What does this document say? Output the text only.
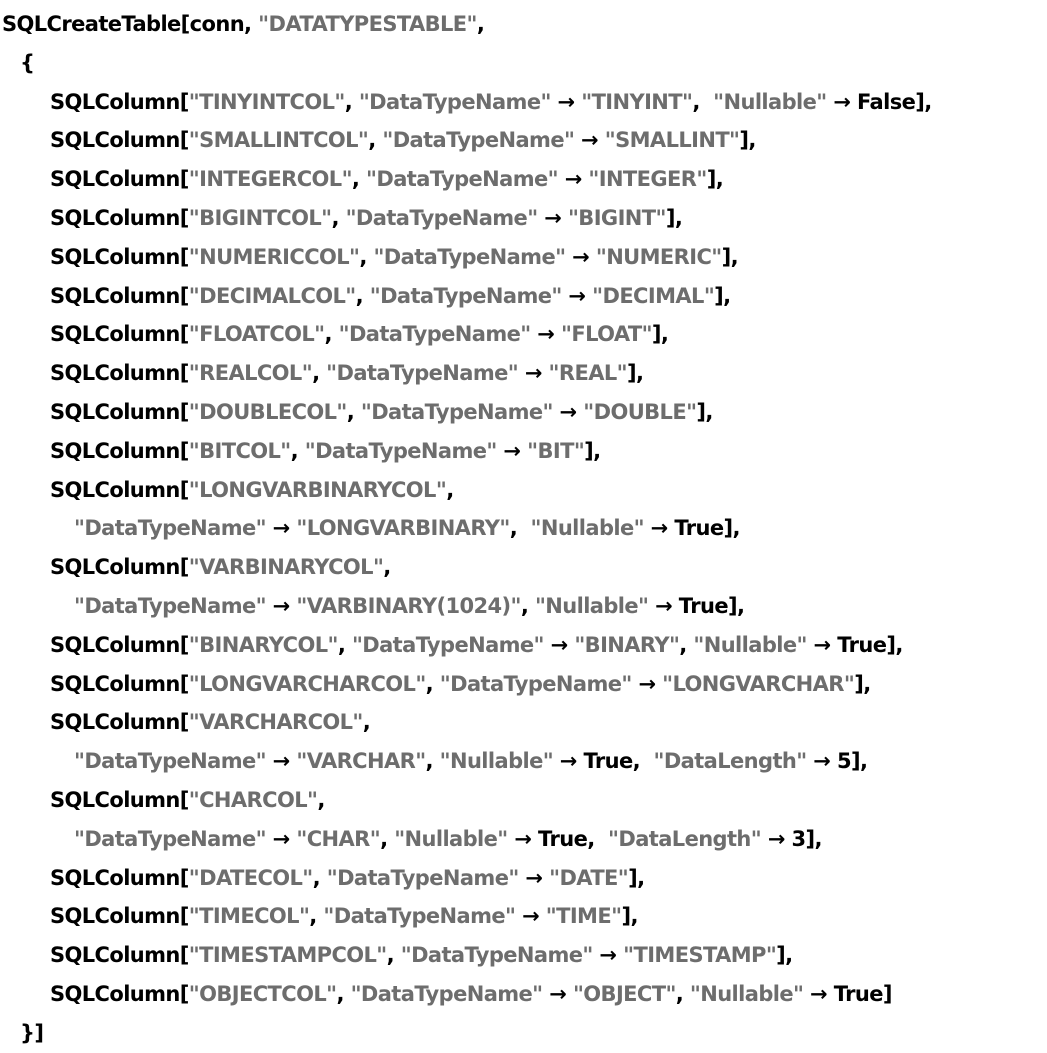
SQLCreateTable[conn, "DATATYPESTABLE",
{
SQLColumn["TINYINTCOL", "DataTypeName" → "TINYINT",  "Nullable" → False],
SQLColumn["SMALLINTCOL", "DataTypeName" → "SMALLINT"],
SQLColumn["INTEGERCOL", "DataTypeName" → "INTEGER"],
SQLColumn["BIGINTCOL", "DataTypeName" → "BIGINT"],
SQLColumn["NUMERICCOL", "DataTypeName" → "NUMERIC"],
SQLColumn["DECIMALCOL", "DataTypeName" → "DECIMAL"],
SQLColumn["FLOATCOL", "DataTypeName" → "FLOAT"],
SQLColumn["REALCOL", "DataTypeName" → "REAL"],
SQLColumn["DOUBLECOL", "DataTypeName" → "DOUBLE"],
SQLColumn["BITCOL", "DataTypeName" → "BIT"],
SQLColumn["LONGVARBINARYCOL",
"DataTypeName" → "LONGVARBINARY",  "Nullable" → True],
SQLColumn["VARBINARYCOL",
"DataTypeName" → "VARBINARY(1024)", "Nullable" → True],
SQLColumn["BINARYCOL", "DataTypeName" → "BINARY", "Nullable" → True],
SQLColumn["LONGVARCHARCOL", "DataTypeName" → "LONGVARCHAR"],
SQLColumn["VARCHARCOL",
"DataTypeName" → "VARCHAR", "Nullable" → True,  "DataLength" → 5],
SQLColumn["CHARCOL",
"DataTypeName" → "CHAR", "Nullable" → True,  "DataLength" → 3],
SQLColumn["DATECOL", "DataTypeName" → "DATE"],
SQLColumn["TIMECOL", "DataTypeName" → "TIME"],
SQLColumn["TIMESTAMPCOL", "DataTypeName" → "TIMESTAMP"],
SQLColumn["OBJECTCOL", "DataTypeName" → "OBJECT", "Nullable" → True]
}]
